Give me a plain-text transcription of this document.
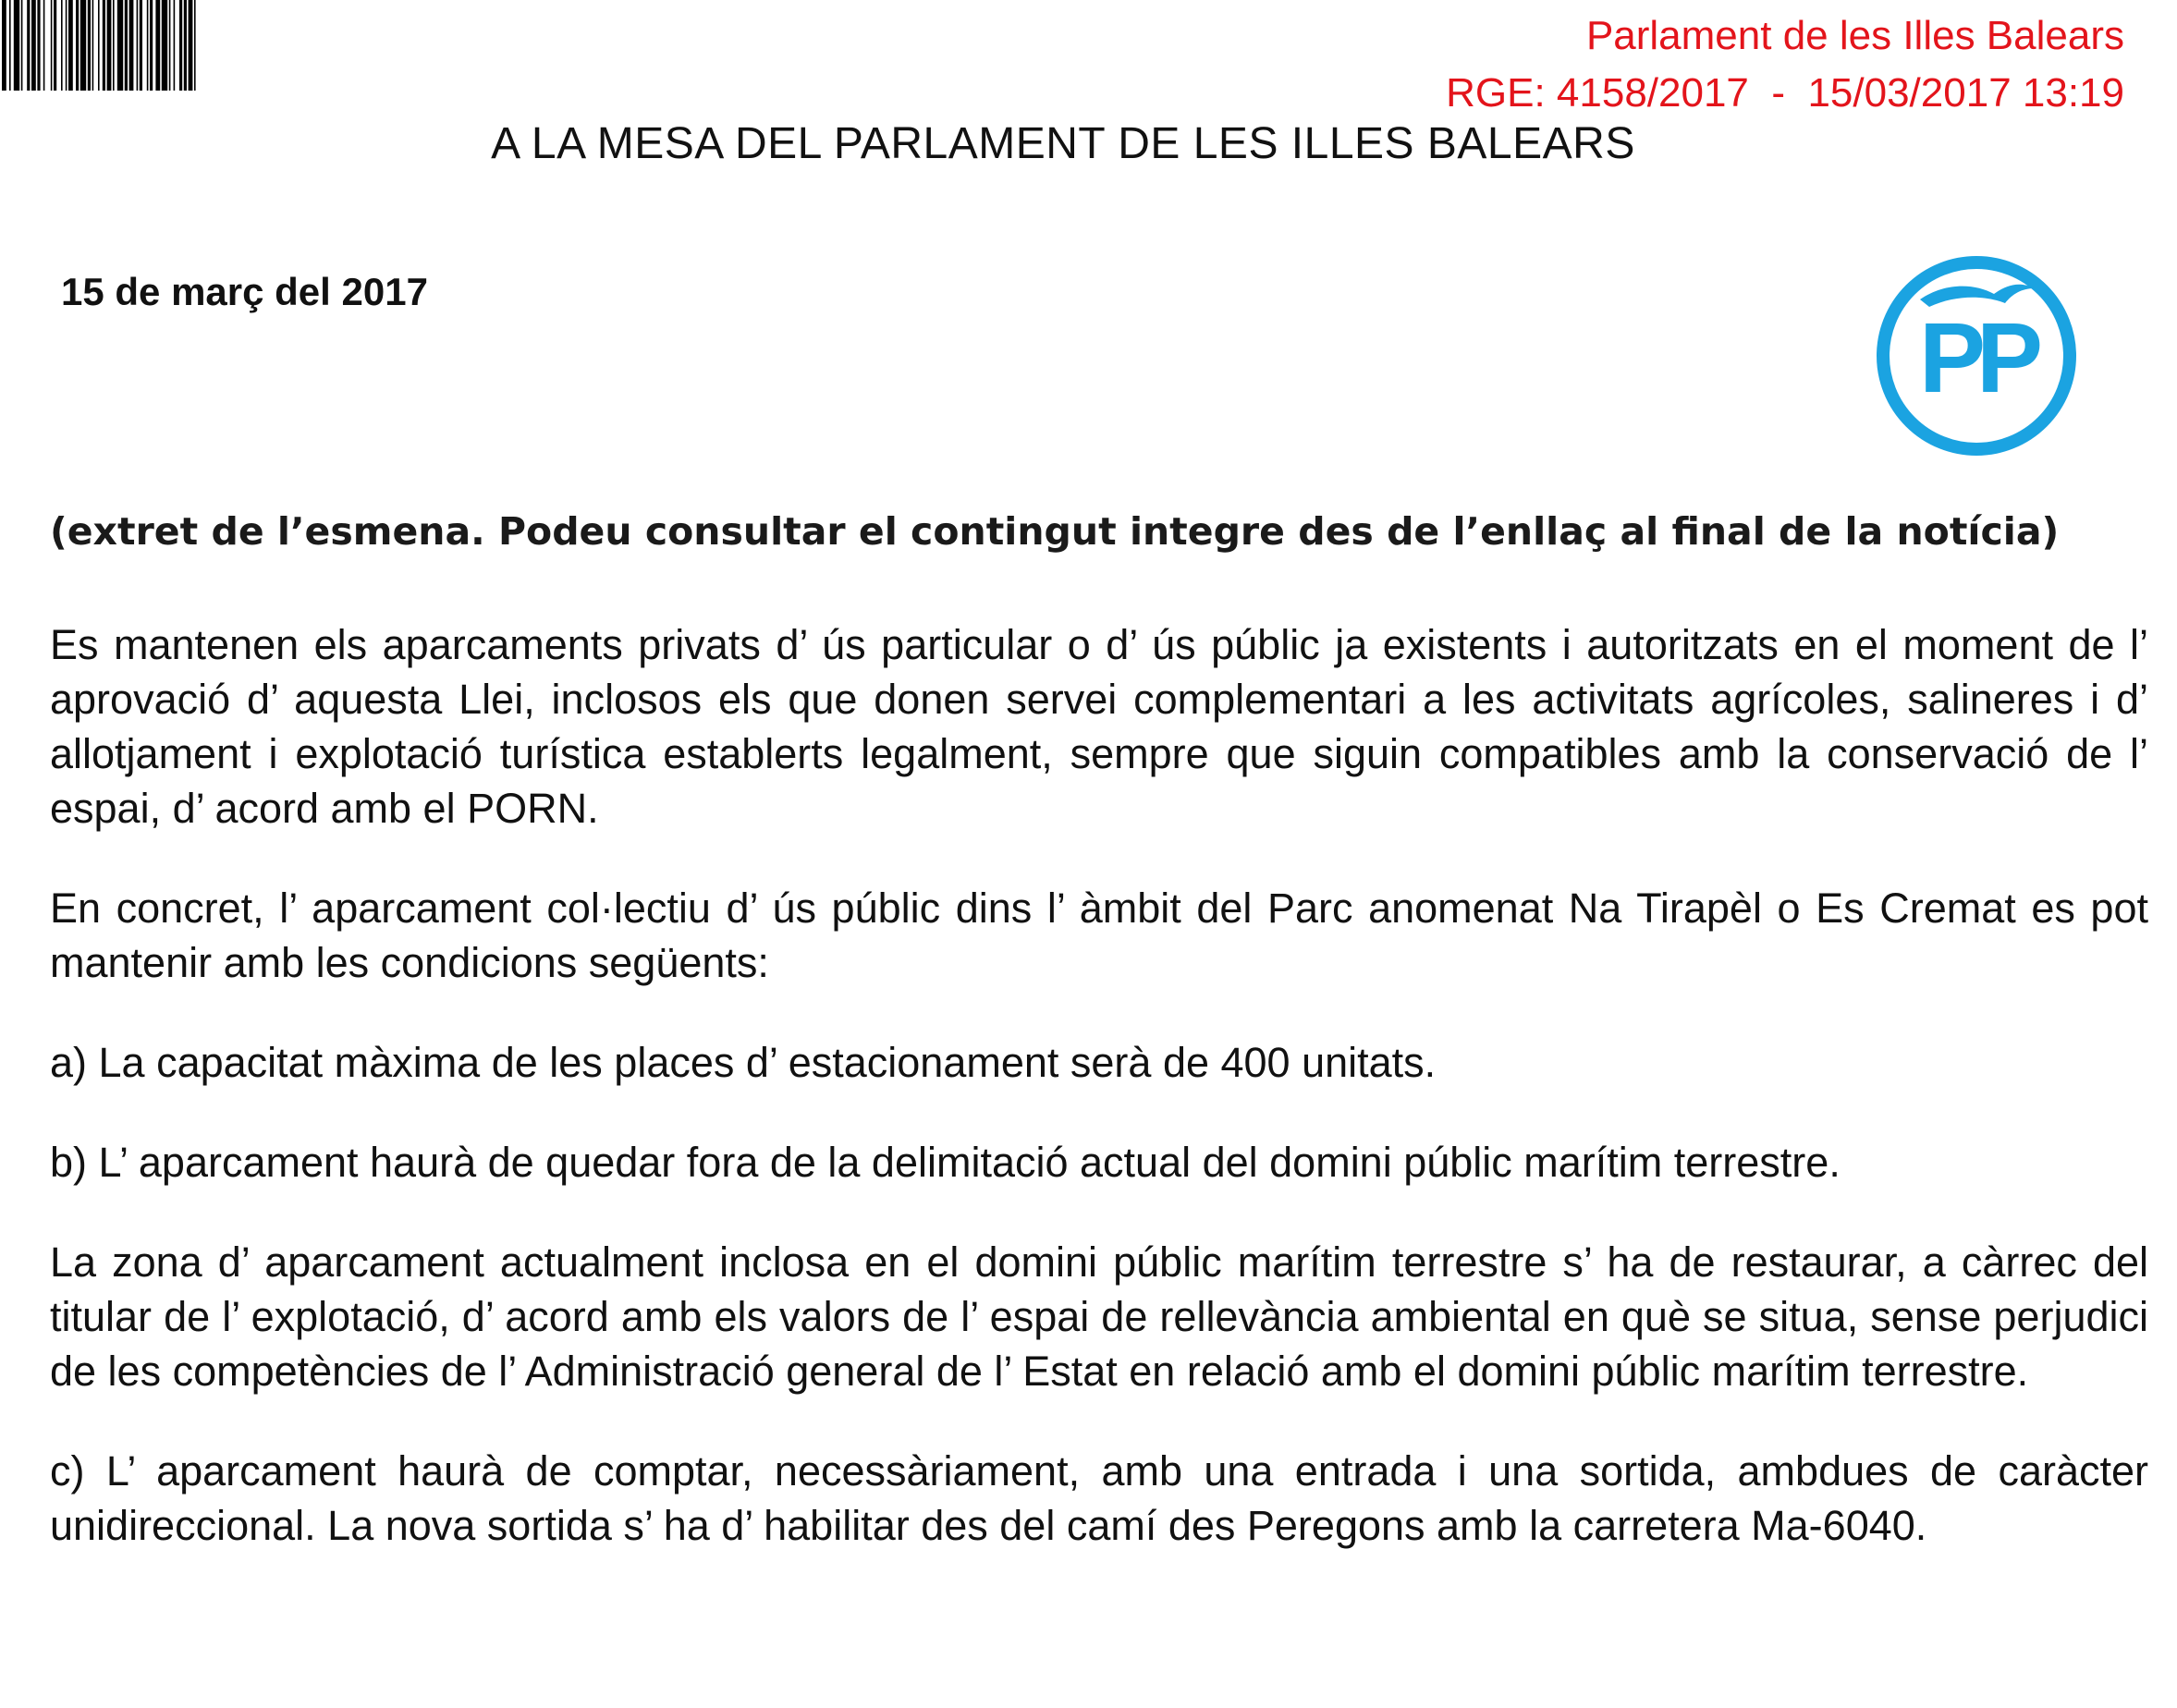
Parlament de les Illes Balears
RGE: 4158/2017  -  15/03/2017 13:19
A LA MESA DEL PARLAMENT DE LES ILLES BALEARS
15 de març del 2017
PP
(extret de l’esmena. Podeu consultar el contingut integre des de l’enllaç al final de la notícia)

Es mantenen els aparcaments privats d’ ús particular o d’ ús públic ja existents i autoritzats en el moment de l’ aprovació d’ aquesta Llei, inclosos els que donen servei complementari a les activitats agrícoles, salineres i d’ allotjament i explotació turística establerts legalment, sempre que siguin compatibles amb la conservació de l’ espai, d’ acord amb el PORN.

En concret, l’ aparcament col·lectiu d’ ús públic dins l’ àmbit del Parc anomenat Na Tirapèl o Es Cremat es pot mantenir amb les condicions següents:

a) La capacitat màxima de les places d’ estacionament serà de 400 unitats.

b) L’ aparcament haurà de quedar fora de la delimitació actual del domini públic marítim terrestre.

La zona d’ aparcament actualment inclosa en el domini públic marítim terrestre s’ ha de restaurar, a càrrec del titular de l’ explotació, d’ acord amb els valors de l’ espai de rellevància ambiental en què se situa, sense perjudici de les competències de l’ Administració general de l’ Estat en relació amb el domini públic marítim terrestre.

c) L’ aparcament haurà de comptar, necessàriament, amb una entrada i una sortida, ambdues de caràcter unidireccional. La nova sortida s’ ha d’ habilitar des del camí des Peregons amb la carretera Ma-6040.
